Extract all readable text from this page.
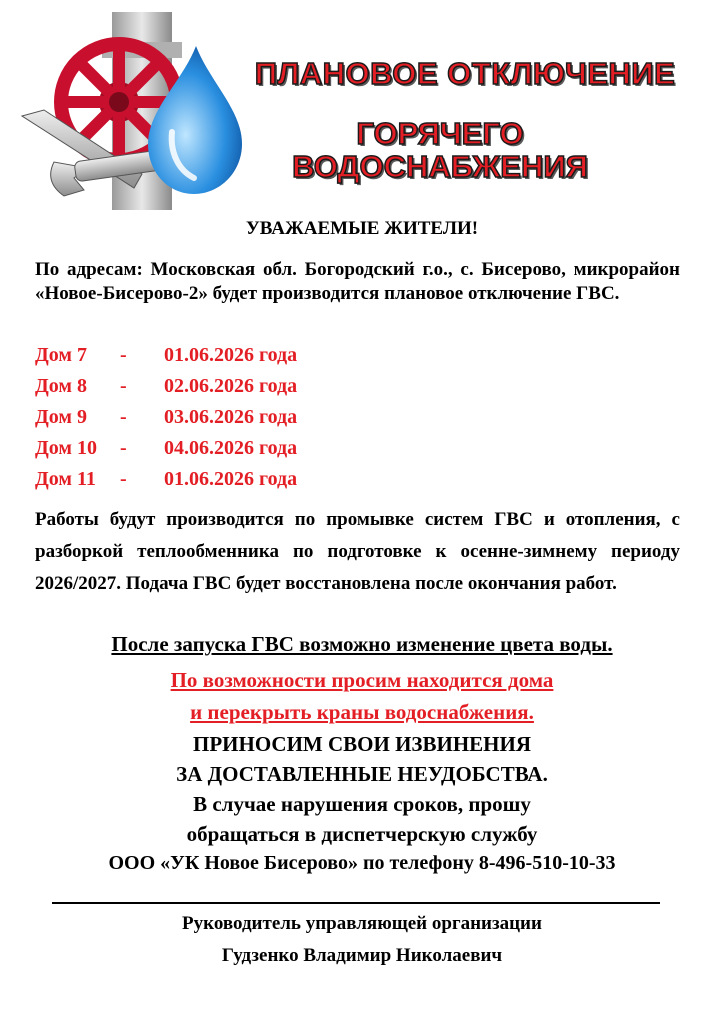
ПЛАНОВОЕ ОТКЛЮЧЕНИЕ
ГОРЯЧЕГО
ВОДОСНАБЖЕНИЯ
УВАЖАЕМЫЕ ЖИТЕЛИ!
По адресам: Московская обл. Богородский г.о., с. Бисерово, микрорайон «Новое-Бисерово-2» будет производится плановое отключение ГВС.
Дом 7	-	01.06.2026 года
Дом 8	-	02.06.2026 года
Дом 9	-	03.06.2026 года
Дом 10	-	04.06.2026 года
Дом 11	-	01.06.2026 года
Работы будут производится по промывке систем ГВС и отопления, с разборкой теплообменника по подготовке к осенне-зимнему периоду 2026/2027. Подача ГВС будет восстановлена после окончания работ.
После запуска ГВС возможно изменение цвета воды.
По возможности просим находится дома
и перекрыть краны водоснабжения.
ПРИНОСИМ СВОИ ИЗВИНЕНИЯ
ЗА ДОСТАВЛЕННЫЕ НЕУДОБСТВА.
В случае нарушения сроков, прошу
обращаться в диспетчерскую службу
ООО «УК Новое Бисерово» по телефону 8-496-510-10-33
Руководитель управляющей организации
Гудзенко Владимир Николаевич
